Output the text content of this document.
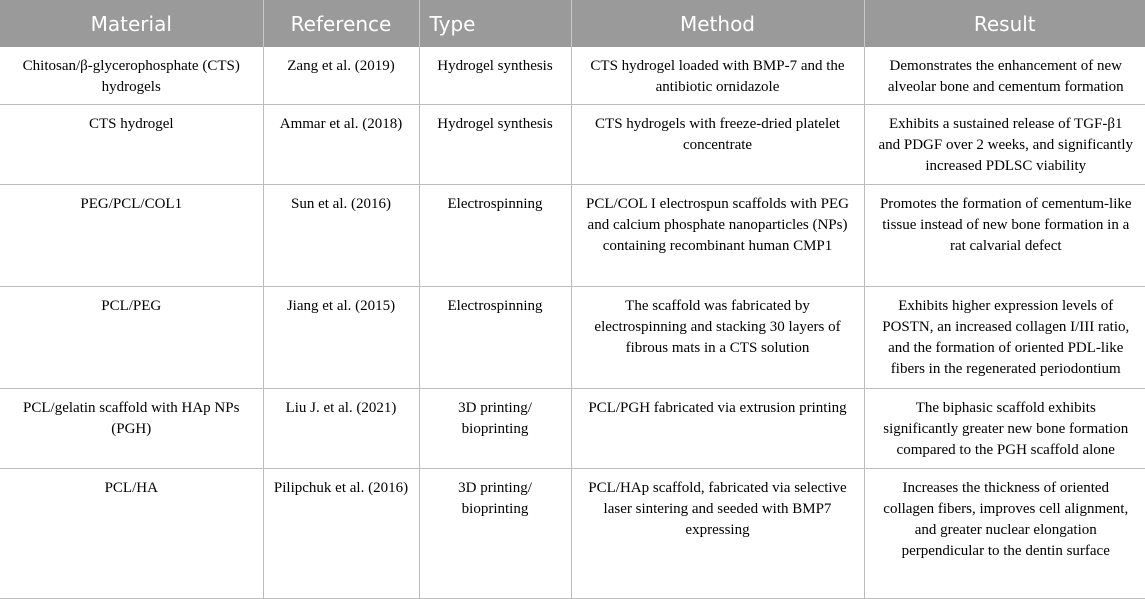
Material	Reference	Type	Method	Result
Chitosan/β-glycerophosphate (CTS) hydrogels	Zang et al. (2019)	Hydrogel synthesis	CTS hydrogel loaded with BMP-7 and the antibiotic ornidazole	Demonstrates the enhancement of new alveolar bone and cementum formation
CTS hydrogel	Ammar et al. (2018)	Hydrogel synthesis	CTS hydrogels with freeze-dried platelet concentrate	Exhibits a sustained release of TGF-β1 and PDGF over 2 weeks, and significantly increased PDLSC viability
PEG/PCL/COL1	Sun et al. (2016)	Electrospinning	PCL/COL I electrospun scaffolds with PEG and calcium phosphate nanoparticles (NPs) containing recombinant human CMP1	Promotes the formation of cementum-like tissue instead of new bone formation in a rat calvarial defect
PCL/PEG	Jiang et al. (2015)	Electrospinning	The scaffold was fabricated by electrospinning and stacking 30 layers of fibrous mats in a CTS solution	Exhibits higher expression levels of POSTN, an increased collagen I/III ratio, and the formation of oriented PDL-like fibers in the regenerated periodontium
PCL/gelatin scaffold with HAp NPs (PGH)	Liu J. et al. (2021)	3D printing/ bioprinting	PCL/PGH fabricated via extrusion printing	The biphasic scaffold exhibits significantly greater new bone formation compared to the PGH scaffold alone
PCL/HA	Pilipchuk et al. (2016)	3D printing/ bioprinting	PCL/HAp scaffold, fabricated via selective laser sintering and seeded with BMP7 expressing	Increases the thickness of oriented collagen fibers, improves cell alignment, and greater nuclear elongation perpendicular to the dentin surface
